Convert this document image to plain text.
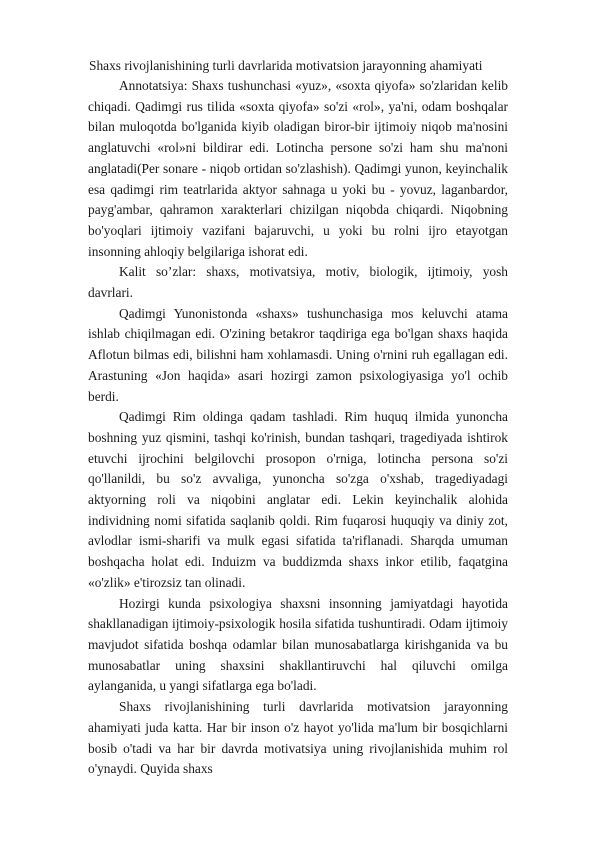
Shaxs rivojlanishining turli davrlarida motivatsion jarayonning ahamiyati

Annotatsiya: Shaxs tushunchasi «yuz», «soxta qiyofa» so'zlaridan kelib chiqadi. Qadimgi rus tilida «soxta qiyofa» so'zi «rol», ya'ni, odam boshqalar bilan muloqotda bo'lganida kiyib oladigan biror-bir ijtimoiy niqob ma'nosini anglatuvchi «rol»ni bildirar edi. Lotincha persone so'zi ham shu ma'noni anglatadi(Per sonare - niqob ortidan so'zlashish). Qadimgi yunon, keyinchalik esa qadimgi rim teatrlarida aktyor sahnaga u yoki bu - yovuz, laganbardor, payg'ambar, qahramon xarakterlari chizilgan niqobda chiqardi. Niqobning bo'yoqlari ijtimoiy vazifani bajaruvchi, u yoki bu rolni ijro etayotgan insonning ahloqiy belgilariga ishorat edi.

Kalit so’zlar: shaxs, motivatsiya, motiv, biologik, ijtimoiy, yosh davrlari.

Qadimgi Yunonistonda «shaxs» tushunchasiga mos keluvchi atama ishlab chiqilmagan edi. O'zining betakror taqdiriga ega bo'lgan shaxs haqida Aflotun bilmas edi, bilishni ham xohlamasdi. Uning o'rnini ruh egallagan edi. Arastuning «Jon haqida» asari hozirgi zamon psixologiyasiga yo'l ochib berdi.

Qadimgi Rim oldinga qadam tashladi. Rim huquq ilmida yunoncha boshning yuz qismini, tashqi ko'rinish, bundan tashqari, tragediyada ishtirok etuvchi ijrochini belgilovchi prosopon o'rniga, lotincha persona so'zi qo'llanildi, bu so'z avvaliga, yunoncha so'zga o'xshab, tragediyadagi aktyorning roli va niqobini anglatar edi. Lekin keyinchalik alohida individning nomi sifatida saqlanib qoldi. Rim fuqarosi huquqiy va diniy zot, avlodlar ismi-sharifi va mulk egasi sifatida ta'riflanadi. Sharqda umuman boshqacha holat edi. Induizm va buddizmda shaxs inkor etilib, faqatgina «o'zlik» e'tirozsiz tan olinadi.

Hozirgi kunda psixologiya shaxsni insonning jamiyatdagi hayotida shakllanadigan ijtimoiy-psixologik hosila sifatida tushuntiradi. Odam ijtimoiy mavjudot sifatida boshqa odamlar bilan munosabatlarga kirishganida va bu munosabatlar uning shaxsini shakllantiruvchi hal qiluvchi omilga aylanganida, u yangi sifatlarga ega bo'ladi.

Shaxs rivojlanishining turli davrlarida motivatsion jarayonning ahamiyati juda katta. Har bir inson o'z hayot yo'lida ma'lum bir bosqichlarni bosib o'tadi va har bir davrda motivatsiya uning rivojlanishida muhim rol o'ynaydi. Quyida shaxs
